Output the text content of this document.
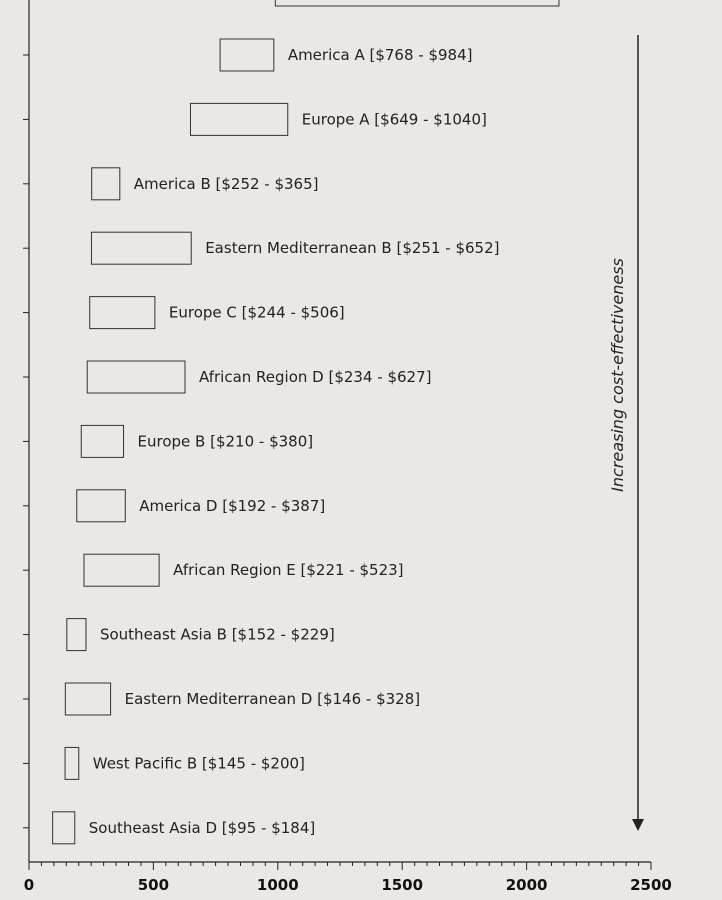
America A [$768 - $984]
Europe A [$649 - $1040]
America B [$252 - $365]
Eastern Mediterranean B [$251 - $652]
Europe C [$244 - $506]
African Region D [$234 - $627]
Europe B [$210 - $380]
America D [$192 - $387]
African Region E [$221 - $523]
Southeast Asia B [$152 - $229]
Eastern Mediterranean D [$146 - $328]
West Pacific B [$145 - $200]
Southeast Asia D [$95 - $184]
0	500	1000	1500	2000	2500
Increasing cost-effectiveness
